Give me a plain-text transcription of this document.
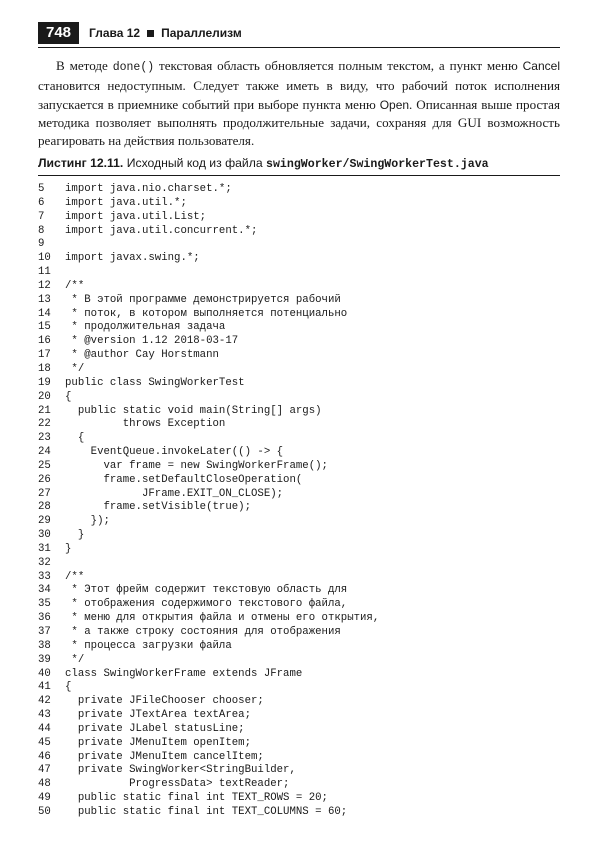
748	Глава 12 Параллелизм

В методе done() текстовая область обновляется полным текстом, а пункт меню Cancel становится недоступным. Следует также иметь в виду, что рабочий поток исполнения запускается в приемнике событий при выборе пункта меню Open. Описанная выше простая методика позволяет выполнять продолжительные задачи, сохраняя для GUI возможность реагировать на действия пользователя.

Листинг 12.11. Исходный код из файла swingWorker/SwingWorkerTest.java
5 import java.nio.charset.*;
6 import java.util.*;
7 import java.util.List;
8 import java.util.concurrent.*;
9
10 import javax.swing.*;
11
12 /**
13 * В этой программе демонстрируется рабочий
14 * поток, в котором выполняется потенциально
15 * продолжительная задача
16 * @version 1.12 2018-03-17
17 * @author Cay Horstmann
18 */
19 public class SwingWorkerTest
20 {
21  public static void main(String[] args)
22         throws Exception
23  {
24    EventQueue.invokeLater(() -> {
25      var frame = new SwingWorkerFrame();
26      frame.setDefaultCloseOperation(
27            JFrame.EXIT_ON_CLOSE);
28      frame.setVisible(true);
29    });
30  }
31 }
32
33 /**
34 * Этот фрейм содержит текстовую область для
35 * отображения содержимого текстового файла,
36 * меню для открытия файла и отмены его открытия,
37 * а также строку состояния для отображения
38 * процесса загрузки файла
39 */
40 class SwingWorkerFrame extends JFrame
41 {
42  private JFileChooser chooser;
43  private JTextArea textArea;
44  private JLabel statusLine;
45  private JMenuItem openItem;
46  private JMenuItem cancelItem;
47  private SwingWorker<StringBuilder,
48          ProgressData> textReader;
49  public static final int TEXT_ROWS = 20;
50  public static final int TEXT_COLUMNS = 60;
